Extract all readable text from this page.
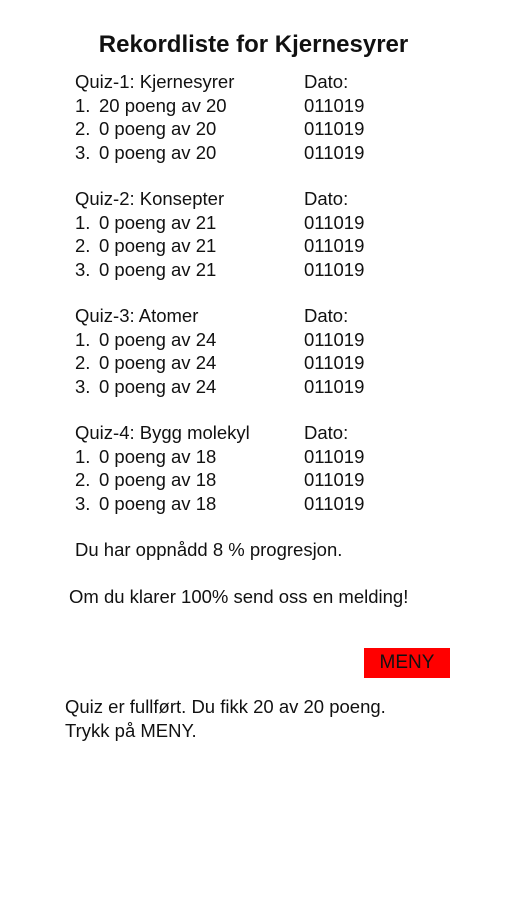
Rekordliste for Kjernesyrer
Quiz-1: Kjernesyrer	Dato:
1. 20 poeng av 20	011019
2. 0 poeng av 20	011019
3. 0 poeng av 20	011019
Quiz-2: Konsepter	Dato:
1. 0 poeng av 21	011019
2. 0 poeng av 21	011019
3. 0 poeng av 21	011019
Quiz-3: Atomer	Dato:
1. 0 poeng av 24	011019
2. 0 poeng av 24	011019
3. 0 poeng av 24	011019
Quiz-4: Bygg molekyl	Dato:
1. 0 poeng av 18	011019
2. 0 poeng av 18	011019
3. 0 poeng av 18	011019
Du har oppnådd 8 % progresjon.
Om du klarer 100% send oss en melding!
MENY
Quiz er fullført. Du fikk 20 av 20 poeng.
Trykk på MENY.
